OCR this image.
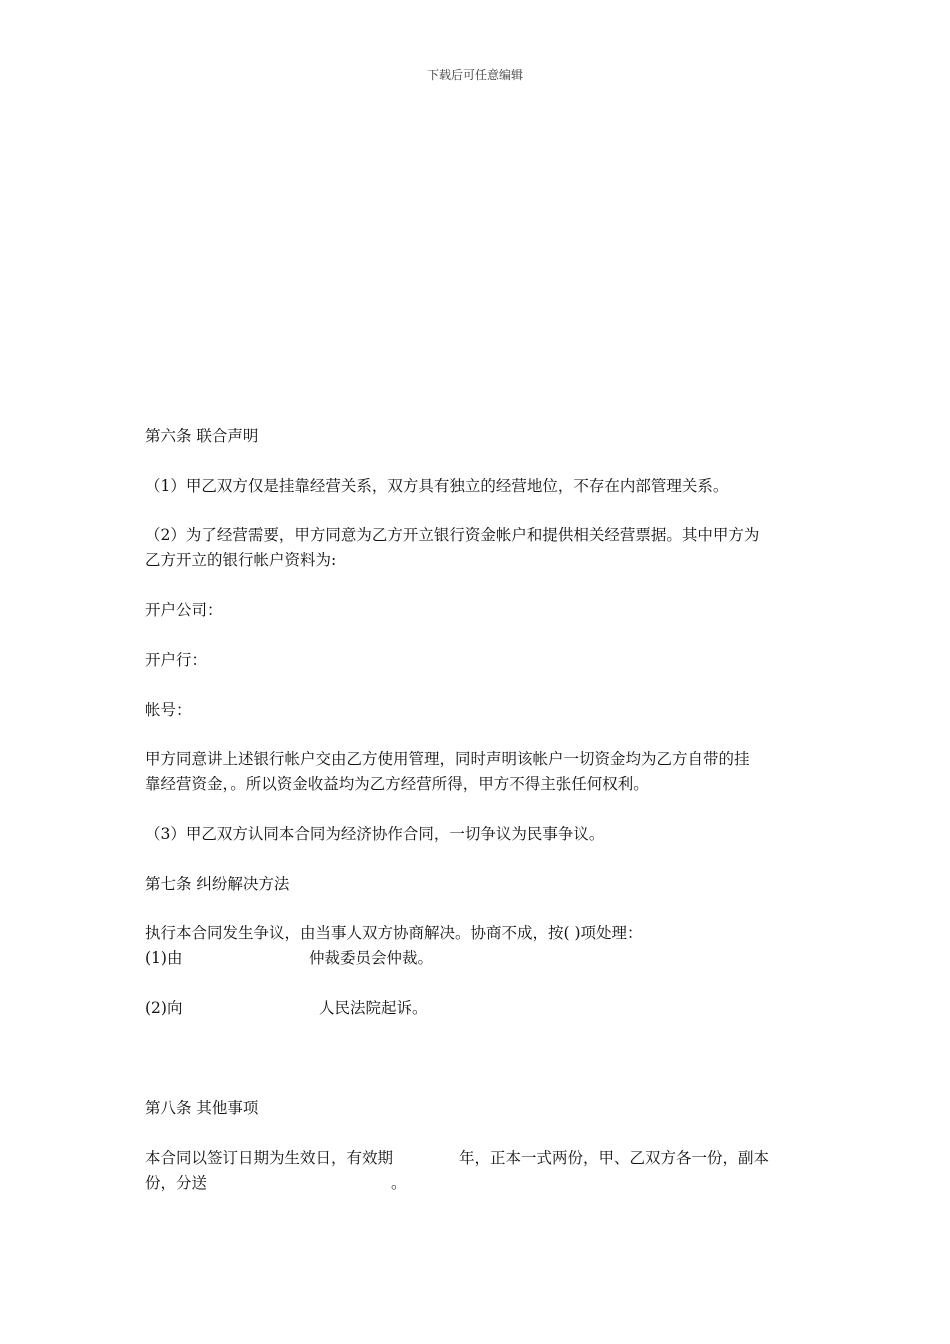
下载后可任意编辑
第六条 联合声明
（1）甲乙双方仅是挂靠经营关系，双方具有独立的经营地位，不存在内部管理关系。
（2）为了经营需要，甲方同意为乙方开立银行资金帐户和提供相关经营票据。其中甲方为
乙方开立的银行帐户资料为:
开户公司：
开户行：
帐号：
甲方同意讲上述银行帐户交由乙方使用管理，同时声明该帐户一切资金均为乙方自带的挂
靠经营资金，。所以资金收益均为乙方经营所得，甲方不得主张任何权利。
（3）甲乙双方认同本合同为经济协作合同，一切争议为民事争议。
第七条 纠纷解决方法
执行本合同发生争议，由当事人双方协商解决。协商不成，按( )项处理：
(1)由	仲裁委员会仲裁。
(2)向	人民法院起诉。
第八条 其他事项
本合同以签订日期为生效日，有效期	年，正本一式两份，甲、乙双方各一份，副本
份，分送	。
